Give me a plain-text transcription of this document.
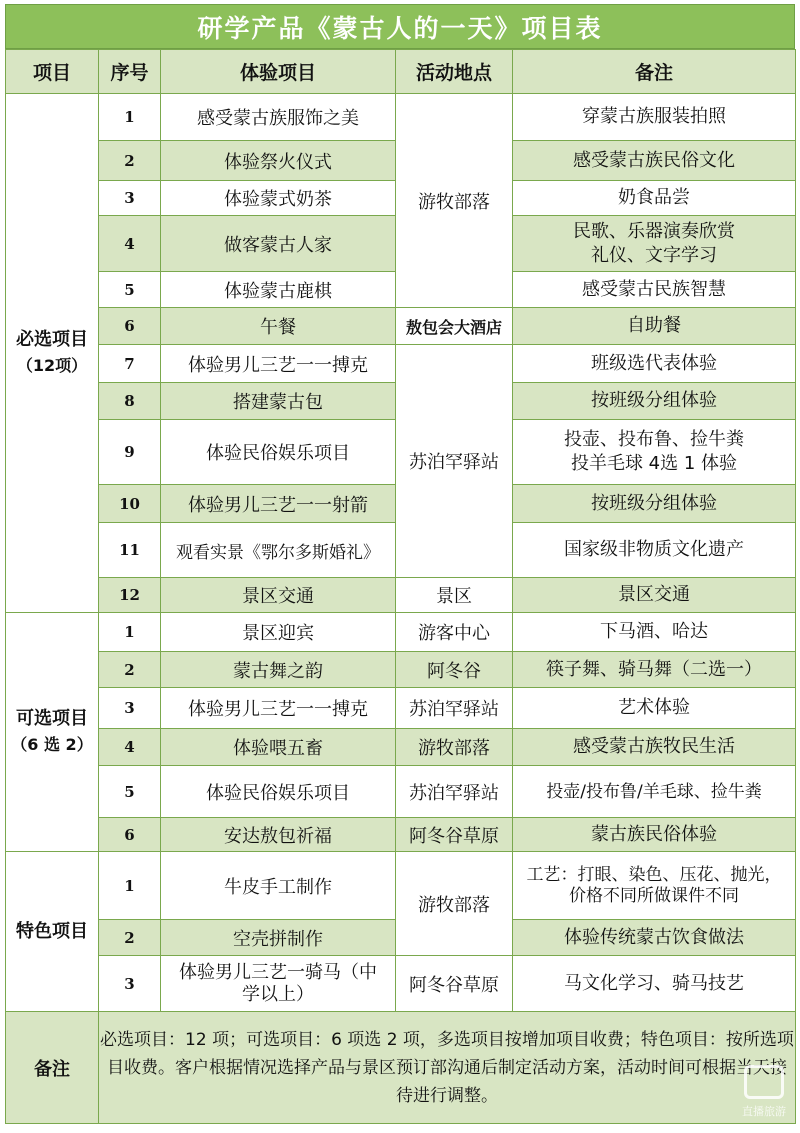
研学产品《蒙古人的一天》项目表
项目	序号	体验项目	活动地点	备注
必选项目
（12项）	1	感受蒙古族服饰之美	游牧部落	穿蒙古族服装拍照
	2	体验祭火仪式		感受蒙古族民俗文化
	3	体验蒙式奶茶		奶食品尝
	4	做客蒙古人家		民歌、乐器演奏欣赏
礼仪、文字学习

	5	体验蒙古鹿棋		感受蒙古民族智慧
	6	午餐	敖包会大酒店	自助餐
	7	体验男儿三艺一一搏克	苏泊罕驿站	班级选代表体验
	8	搭建蒙古包		按班级分组体验
	9	体验民俗娱乐项目		投壶、投布鲁、捡牛粪
投羊毛球 4选 1 体验

	10	体验男儿三艺一一射箭		按班级分组体验
	11	观看实景《鄂尔多斯婚礼》		国家级非物质文化遗产
	12	景区交通	景区	景区交通
可选项目
（6 选 2）	1	景区迎宾	游客中心	下马酒、哈达
	2	蒙古舞之韵	阿冬谷	筷子舞、骑马舞（二选一）
	3	体验男儿三艺一一搏克	苏泊罕驿站	艺术体验
	4	体验喂五畜	游牧部落	感受蒙古族牧民生活
	5	体验民俗娱乐项目	苏泊罕驿站	投壶/投布鲁/羊毛球、捡牛粪
	6	安达敖包祈福	阿冬谷草原	蒙古族民俗体验
特色项目	1	牛皮手工制作	游牧部落	工艺：打眼、染色、压花、抛光，
价格不同所做课件不同

	2	空壳拼制作		体验传统蒙古饮食做法
	3	体验男儿三艺一骑马（中
学以上）	阿冬谷草原	马文化学习、骑马技艺
备注	必选项目：12 项；可选项目：6 项选 2 项，多选项目按增加项目收费；特色项目：按所选项目收费。客户根据情况选择产品与景区预订部沟通后制定活动方案，活动时间可根据当天接待进行调整。			
直播旅游
